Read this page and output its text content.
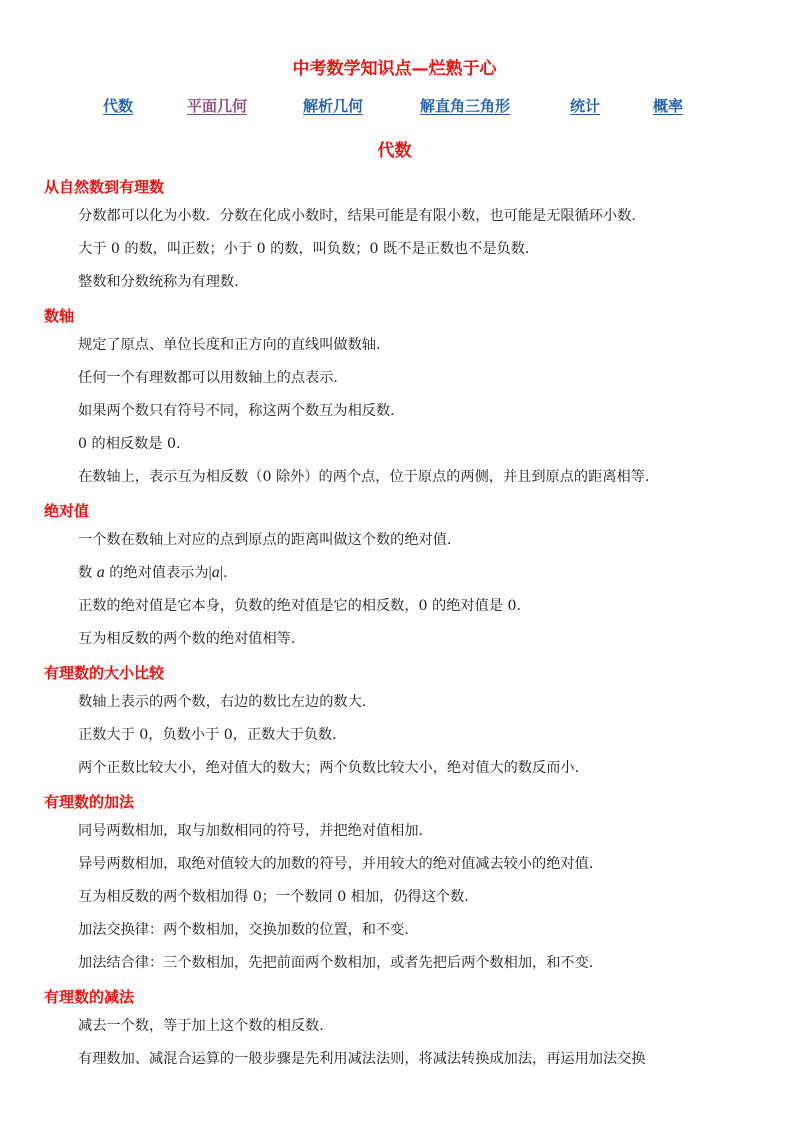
中考数学知识点—烂熟于心
代数	平面几何	解析几何	解直角三角形	统计	概率
代数
从自然数到有理数
分数都可以化为小数．分数在化成小数时，结果可能是有限小数，也可能是无限循环小数.
大于 0 的数，叫正数；小于 0 的数，叫负数；0 既不是正数也不是负数.
整数和分数统称为有理数.
数轴
规定了原点、单位长度和正方向的直线叫做数轴.
任何一个有理数都可以用数轴上的点表示.
如果两个数只有符号不同，称这两个数互为相反数.
0 的相反数是 0.
在数轴上，表示互为相反数（0 除外）的两个点，位于原点的两侧，并且到原点的距离相等.
绝对值
一个数在数轴上对应的点到原点的距离叫做这个数的绝对值.
数 a 的绝对值表示为|a|.
正数的绝对值是它本身，负数的绝对值是它的相反数，0 的绝对值是 0.
互为相反数的两个数的绝对值相等.
有理数的大小比较
数轴上表示的两个数，右边的数比左边的数大.
正数大于 0，负数小于 0，正数大于负数.
两个正数比较大小，绝对值大的数大；两个负数比较大小，绝对值大的数反而小.
有理数的加法
同号两数相加，取与加数相同的符号，并把绝对值相加.
异号两数相加，取绝对值较大的加数的符号，并用较大的绝对值减去较小的绝对值.
互为相反数的两个数相加得 0；一个数同 0 相加，仍得这个数.
加法交换律：两个数相加，交换加数的位置，和不变.
加法结合律：三个数相加，先把前面两个数相加，或者先把后两个数相加，和不变.
有理数的减法
减去一个数，等于加上这个数的相反数.
有理数加、减混合运算的一般步骤是先利用减法法则，将减法转换成加法，再运用加法交换
